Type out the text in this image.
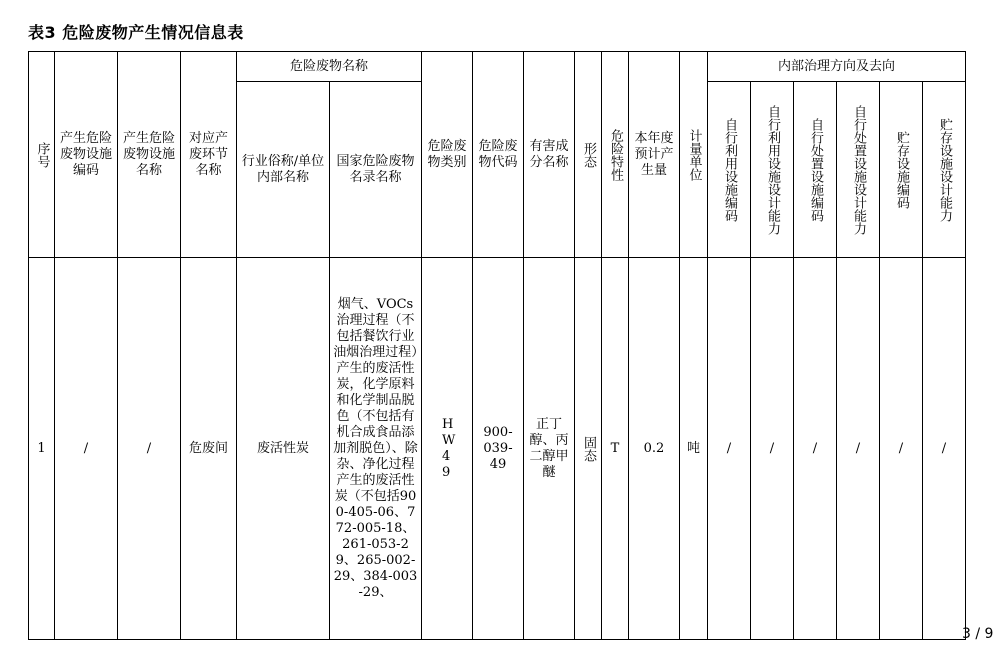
表3 危险废物产生情况信息表
序号	产生危险废物设施编码	产生危险废物设施名称	对应产废环节名称	危险废物名称		危险废物类别	危险废物代码	有害成分名称	形态	危险特性	本年度预计产生量	计量单位	内部治理方向及去向					
				行业俗称/单位内部名称	国家危险废物名录名称								自行利用设施编码	自行利用设施设计能力	自行处置设施编码	自行处置设施设计能力	贮存设施编码	贮存设施设计能力

1	/	/	危废间	废活性炭	烟气、VOCs治理过程（不包括餐饮行业油烟治理过程）产生的废活性炭，化学原料和化学制品脱色（不包括有机合成食品添加剂脱色）、除杂、净化过程产生的废活性炭（不包括900-405-06、772-005-18、261-053-29、265-002-29、384-003-29、	HW49	900-039-49	正丁醇、丙二醇甲醚	固态	T	0.2	吨	/	/	/	/	/	/
3 / 9
